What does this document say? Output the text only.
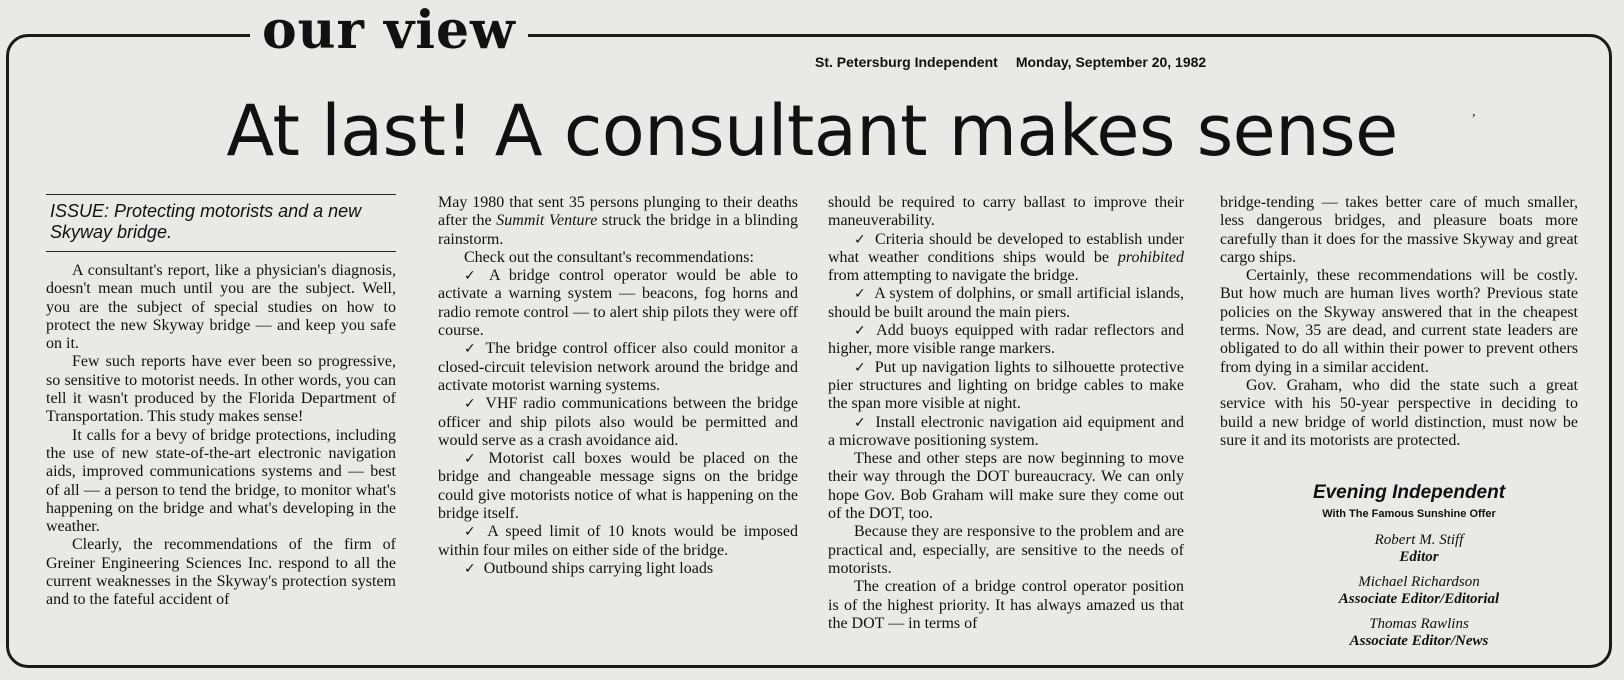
our view
St. Petersburg Independent Monday, September 20, 1982
At last! A consultant makes sense	ʼ
ISSUE: Protecting motorists and a new Skyway bridge.

A consultant's report, like a physician's diagnosis, doesn't mean much until you are the subject. Well, you are the subject of special studies on how to protect the new Skyway bridge — and keep you safe on it.

Few such reports have ever been so progressive, so sensitive to motorist needs. In other words, you can tell it wasn't produced by the Florida Department of Transportation. This study makes sense!

It calls for a bevy of bridge protections, including the use of new state-of-the-art electronic navigation aids, improved communications systems and — best of all — a person to tend the bridge, to monitor what's happening on the bridge and what's developing in the weather.

Clearly, the recommendations of the firm of Greiner Engineering Sciences Inc. respond to all the current weaknesses in the Skyway's protection system and to the fateful accident of

May 1980 that sent 35 persons plunging to their deaths after the Summit Venture struck the bridge in a blinding rainstorm.

Check out the consultant's recommendations:

✓ A bridge control operator would be able to activate a warning system — beacons, fog horns and radio remote control — to alert ship pilots they were off course.

✓ The bridge control officer also could monitor a closed-circuit television network around the bridge and activate motorist warning systems.

✓ VHF radio communications between the bridge officer and ship pilots also would be permitted and would serve as a crash avoidance aid.

✓ Motorist call boxes would be placed on the bridge and changeable message signs on the bridge could give motorists notice of what is happening on the bridge itself.

✓ A speed limit of 10 knots would be imposed within four miles on either side of the bridge.

✓ Outbound ships carrying light loads

should be required to carry ballast to improve their maneuverability.

✓ Criteria should be developed to establish under what weather conditions ships would be prohibited from attempting to navigate the bridge.

✓ A system of dolphins, or small artificial islands, should be built around the main piers.

✓ Add buoys equipped with radar reflectors and higher, more visible range markers.

✓ Put up navigation lights to silhouette protective pier structures and lighting on bridge cables to make the span more visible at night.

✓ Install electronic navigation aid equipment and a microwave positioning system.

These and other steps are now beginning to move their way through the DOT bureaucracy. We can only hope Gov. Bob Graham will make sure they come out of the DOT, too.

Because they are responsive to the problem and are practical and, especially, are sensitive to the needs of motorists.

The creation of a bridge control operator position is of the highest priority. It has always amazed us that the DOT — in terms of

bridge-tending — takes better care of much smaller, less dangerous bridges, and pleasure boats more carefully than it does for the massive Skyway and great cargo ships.

Certainly, these recommendations will be costly. But how much are human lives worth? Previous state policies on the Skyway answered that in the cheapest terms. Now, 35 are dead, and current state leaders are obligated to do all within their power to prevent others from dying in a similar accident.

Gov. Graham, who did the state such a great service with his 50-year perspective in deciding to build a new bridge of world distinction, must now be sure it and its motorists are protected.

Evening Independent
With The Famous Sunshine Offer
Robert M. Stiff
Editor
Michael Richardson
Associate Editor/Editorial
Thomas Rawlins
Associate Editor/News
